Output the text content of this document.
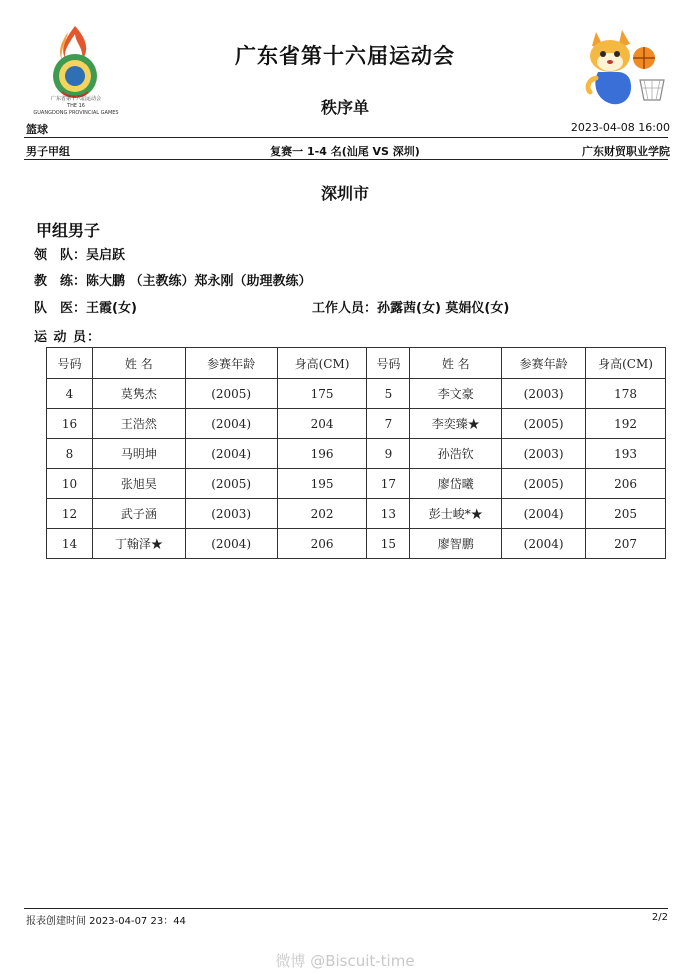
广东省第十六届运动会
THE 16
GUANGDONG PROVINCIAL GAMES
广东省第十六届运动会
秩序单
篮球	2023-04-08 16:00
男子甲组	复赛一 1-4 名(汕尾 VS 深圳)	广东财贸职业学院
深圳市
甲组男子
领　队：吴启跃
教　练：陈大鹏 （主教练）郑永刚（助理教练）
队　医：王霞(女)	工作人员：孙露茜(女) 莫娟仪(女)
运 动 员：
号码	姓 名	参赛年龄	身高(CM)	号码	姓 名	参赛年龄	身高(CM)
4	莫隽杰	(2005)	175	5	李文豪	(2003)	178
16	王浩然	(2004)	204	7	李奕臻★	(2005)	192
8	马明坤	(2004)	196	9	孙浩钦	(2003)	193
10	张旭昊	(2005)	195	17	廖岱曦	(2005)	206
12	武子涵	(2003)	202	13	彭士峻*★	(2004)	205
14	丁翰泽★	(2004)	206	15	廖智鹏	(2004)	207
报表创建时间 2023-04-07 23：44	2/2
微博 @Biscuit-time
